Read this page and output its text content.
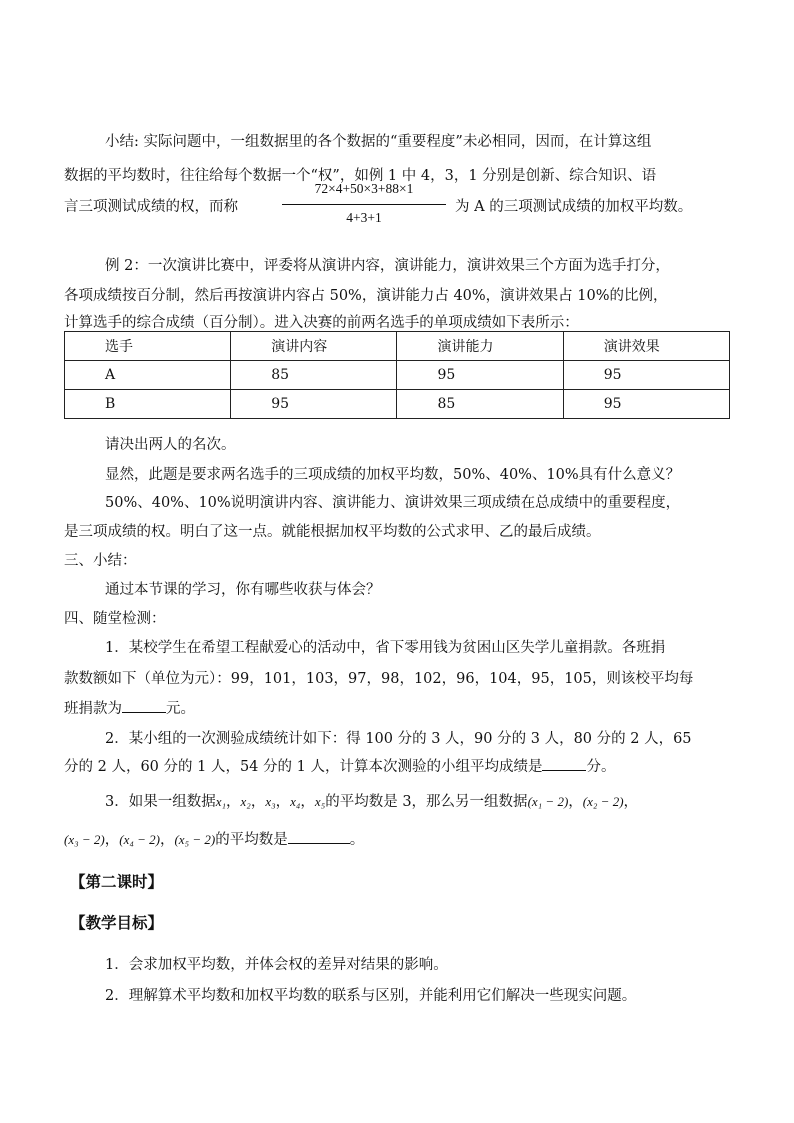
小结: 实际问题中，一组数据里的各个数据的“重要程度”未必相同，因而，在计算这组
数据的平均数时，往往给每个数据一个“权”，如例 1 中 4，3，1 分别是创新、综合知识、语
言三项测试成绩的权，而称
72×4+50×3+88×1
4+3+1
为 A 的三项测试成绩的加权平均数。
例 2：一次演讲比赛中，评委将从演讲内容，演讲能力，演讲效果三个方面为选手打分，
各项成绩按百分制，然后再按演讲内容占 50%，演讲能力占 40%，演讲效果占 10%的比例，
计算选手的综合成绩（百分制）。进入决赛的前两名选手的单项成绩如下表所示：
选手	演讲内容	演讲能力	演讲效果
A	85	95	95
B	95	85	95
请决出两人的名次。
显然，此题是要求两名选手的三项成绩的加权平均数，50%、40%、10%具有什么意义？
50%、40%、10%说明演讲内容、演讲能力、演讲效果三项成绩在总成绩中的重要程度，
是三项成绩的权。明白了这一点。就能根据加权平均数的公式求甲、乙的最后成绩。
三、小结：
通过本节课的学习，你有哪些收获与体会？
四、随堂检测：
1．某校学生在希望工程献爱心的活动中，省下零用钱为贫困山区失学儿童捐款。各班捐
款数额如下（单位为元）：99，101，103，97，98，102，96，104，95，105，则该校平均每
班捐款为	元。
2．某小组的一次测验成绩统计如下：得 100 分的 3 人，90 分的 3 人，80 分的 2 人，65
分的 2 人，60 分的 1 人，54 分的 1 人，计算本次测验的小组平均成绩是	分。
3．如果一组数据x₁，x₂，x₃，x₄，x₅的平均数是 3，那么另一组数据(x₁ − 2)，(x₂ − 2)，
(x₃ − 2)，(x₄ − 2)，(x₅ − 2)的平均数是	。
【第二课时】
【教学目标】
1．会求加权平均数，并体会权的差异对结果的影响。
2．理解算术平均数和加权平均数的联系与区别，并能利用它们解决一些现实问题。
